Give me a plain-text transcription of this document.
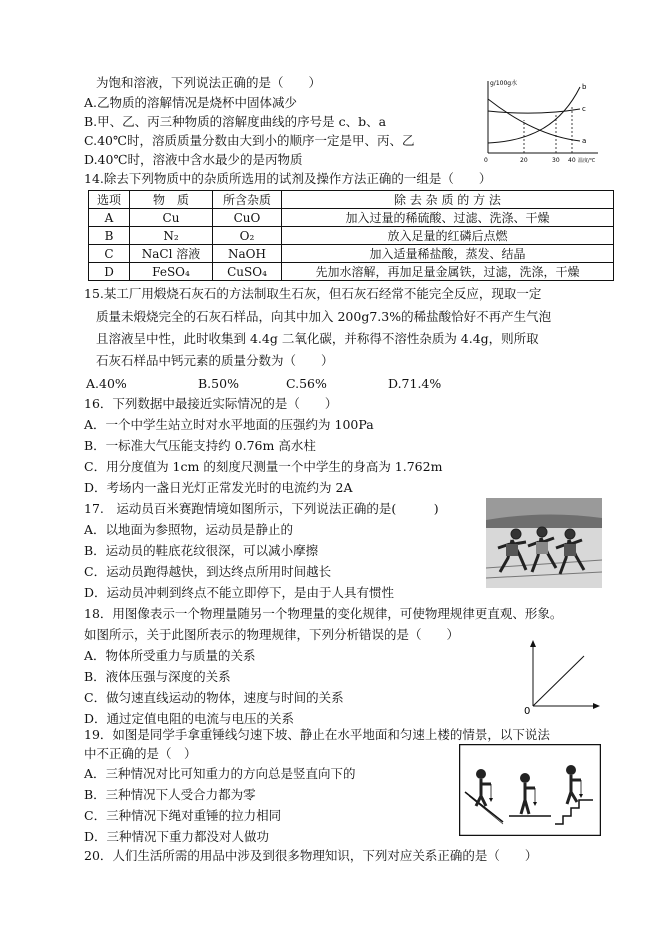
为饱和溶液，下列说法正确的是（　　）
A.乙物质的溶解情况是烧杯中固体减少
B.甲、乙、丙三种物质的溶解度曲线的序号是 c、b、a
C.40℃时，溶质质量分数由大到小的顺序一定是甲、丙、乙
D.40℃时，溶液中含水最少的是丙物质
g/100g水	b
c
a
0	20	30 40 温度/℃
14.除去下列物质中的杂质所选用的试剂及操作方法正确的一组是（　　）
选项	物　质	所含杂质	除 去 杂 质 的 方 法
A	Cu	CuO	加入过量的稀硫酸、过滤、洗涤、干燥
B	N₂	O₂	放入足量的红磷后点燃
C	NaCl 溶液	NaOH	加入适量稀盐酸，蒸发、结晶
D	FeSO₄	CuSO₄	先加水溶解，再加足量金属铁，过滤，洗涤，干燥
15.某工厂用煅烧石灰石的方法制取生石灰，但石灰石经常不能完全反应，现取一定
质量未煅烧完全的石灰石样品，向其中加入 200g7.3%的稀盐酸恰好不再产生气泡
且溶液呈中性，此时收集到 4.4g 二氧化碳，并称得不溶性杂质为 4.4g，则所取
石灰石样品中钙元素的质量分数为（　　）
A.40%	B.50%	C.56%	D.71.4%
16．下列数据中最接近实际情况的是（　　）
A．一个中学生站立时对水平地面的压强约为 100Pa
B．一标准大气压能支持约 0.76m 高水柱
C．用分度值为 1cm 的刻度尺测量一个中学生的身高为 1.762m
D．考场内一盏日光灯正常发光时的电流约为 2A
17.　运动员百米赛跑情境如图所示，下列说法正确的是(　　　)
A．以地面为参照物，运动员是静止的
B．运动员的鞋底花纹很深，可以减小摩擦
C．运动员跑得越快，到达终点所用时间越长
D．运动员冲刺到终点不能立即停下，是由于人具有惯性
18．用图像表示一个物理量随另一个物理量的变化规律，可使物理规律更直观、形象。
如图所示，关于此图所表示的物理规律，下列分析错误的是（　　）
A．物体所受重力与质量的关系
B．液体压强与深度的关系
C．做匀速直线运动的物体，速度与时间的关系
D．通过定值电阻的电流与电压的关系	0
19．如图是同学手拿重锤线匀速下坡、静止在水平地面和匀速上楼的情景，以下说法
中不正确的是（　）
A．三种情况对比可知重力的方向总是竖直向下的
B．三种情况下人受合力都为零
C．三种情况下绳对重锤的拉力相同
D．三种情况下重力都没对人做功
20．人们生活所需的用品中涉及到很多物理知识，下列对应关系正确的是（　　）
